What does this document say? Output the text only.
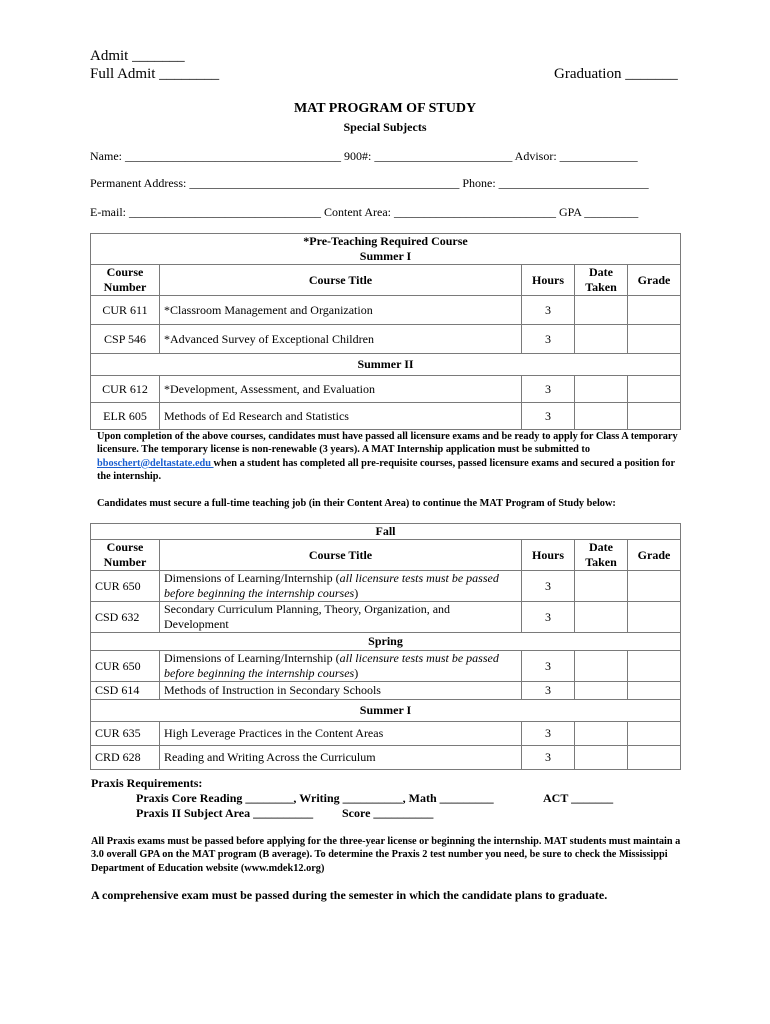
Admit _______
Full Admit ________	Graduation _______
MAT PROGRAM OF STUDY
Special Subjects
Name: ____________________________________ 900#: _______________________ Advisor: _____________
Permanent Address: _____________________________________________ Phone: _________________________
E-mail: ________________________________ Content Area: ___________________________ GPA _________
*Pre-Teaching Required Course
Summer I				

Course Number	Course Title	Hours	Date Taken	Grade
CUR 611	*Classroom Management and Organization	3		
CSP 546	*Advanced Survey of Exceptional Children	3		
Summer II				
CUR 612	*Development, Assessment, and Evaluation	3		
ELR 605	Methods of Ed Research and Statistics	3		
Upon completion of the above courses, candidates must have passed all licensure exams and be ready to apply for Class A temporary licensure. The temporary license is non-renewable (3 years). A MAT Internship application must be submitted to bboschert@deltastate.edu when a student has completed all pre-requisite courses, passed licensure exams and secured a position for the internship.
Candidates must secure a full-time teaching job (in their Content Area) to continue the MAT Program of Study below:
Fall				
Course Number	Course Title	Hours	Date Taken	Grade
CUR 650	Dimensions of Learning/Internship (all licensure tests must be passed before beginning the internship courses)	3		
CSD 632	Secondary Curriculum Planning, Theory, Organization, and Development	3		
Spring				
CUR 650	Dimensions of Learning/Internship (all licensure tests must be passed before beginning the internship courses)	3		
CSD 614	Methods of Instruction in Secondary Schools	3		
Summer I				
CUR 635	High Leverage Practices in the Content Areas	3		
CRD 628	Reading and Writing Across the Curriculum	3		
Praxis Requirements:
Praxis Core Reading ________, Writing __________, Math _________	ACT _______
Praxis II Subject Area __________ Score __________
All Praxis exams must be passed before applying for the three-year license or beginning the internship. MAT students must maintain a 3.0 overall GPA on the MAT program (B average). To determine the Praxis 2 test number you need, be sure to check the Mississippi Department of Education website (www.mdek12.org)
A comprehensive exam must be passed during the semester in which the candidate plans to graduate.
